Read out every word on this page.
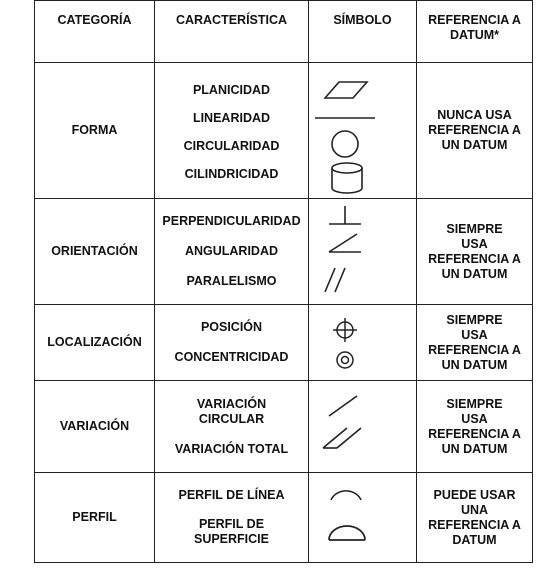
CATEGORÍA	CARACTERÍSTICA	SÍMBOLO	REFERENCIA A
DATUM*

FORMA	PLANICIDAD
LINEARIDAD
CIRCULARIDAD
CILINDRICIDAD		NUNCA USA
REFERENCIA A
UN DATUM

ORIENTACIÓN	PERPENDICULARIDAD
ANGULARIDAD
PARALELISMO		SIEMPRE
USA
REFERENCIA A
UN DATUM

LOCALIZACIÓN	POSICIÓN
CONCENTRICIDAD		SIEMPRE
USA
REFERENCIA A
UN DATUM

VARIACIÓN	VARIACIÓN
CIRCULAR
VARIACIÓN TOTAL		SIEMPRE
USA
REFERENCIA A
UN DATUM

PERFIL	PERFIL DE LÍNEA
PERFIL DE
SUPERFICIE		PUEDE USAR
UNA
REFERENCIA A
DATUM
